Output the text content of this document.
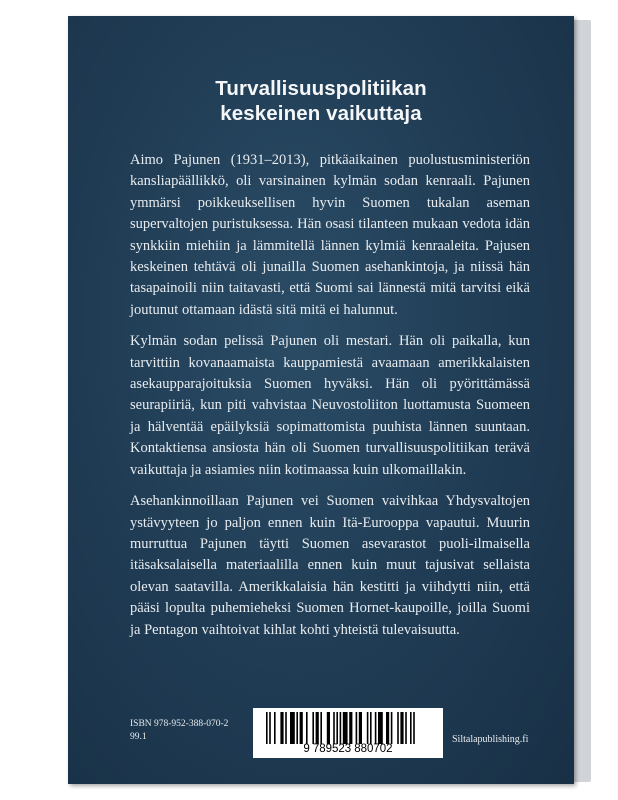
Turvallisuuspolitiikan
keskeinen vaikuttaja

Aimo Pajunen (1931–2013), pitkäaikainen puolustusministeriön kansliapäällikkö, oli varsinainen kylmän sodan kenraali. Pajunen ymmärsi poikkeuksellisen hyvin Suomen tukalan aseman supervaltojen puristuksessa. Hän osasi tilanteen mukaan vedota idän synkkiin miehiin ja lämmitellä lännen kylmiä kenraaleita. Pajusen keskeinen tehtävä oli junailla Suomen asehankintoja, ja niissä hän tasapainoili niin taitavasti, että Suomi sai lännestä mitä tarvitsi eikä joutunut ottamaan idästä sitä mitä ei halunnut.

Kylmän sodan pelissä Pajunen oli mestari. Hän oli paikalla, kun tarvittiin kovanaamaista kauppamiestä avaamaan amerikkalaisten asekaupparajoituksia Suomen hyväksi. Hän oli pyörittämässä seurapiiriä, kun piti vahvistaa Neuvostoliiton luottamusta Suomeen ja hälventää epäilyksiä sopimattomista puuhista lännen suuntaan. Kontaktiensa ansiosta hän oli Suomen turvallisuuspolitiikan terävä vaikuttaja ja asiamies niin kotimaassa kuin ulkomaillakin.

Asehankinnoillaan Pajunen vei Suomen vaivihkaa Yhdysvaltojen ystävyyteen jo paljon ennen kuin Itä-Eurooppa vapautui. Muurin murruttua Pajunen täytti Suomen asevarastot puoli-ilmaisella itäsaksalaisella materiaalilla ennen kuin muut tajusivat sellaista olevan saatavilla. Amerikkalaisia hän kestitti ja viihdytti niin, että pääsi lopulta puhemieheksi Suomen Hornet-kaupoille, joilla Suomi ja Pentagon vaihtoivat kihlat kohti yhteistä tulevaisuutta.

ISBN 978-952-388-070-2
99.1
9 789523 880702
Siltalapublishing.fi
